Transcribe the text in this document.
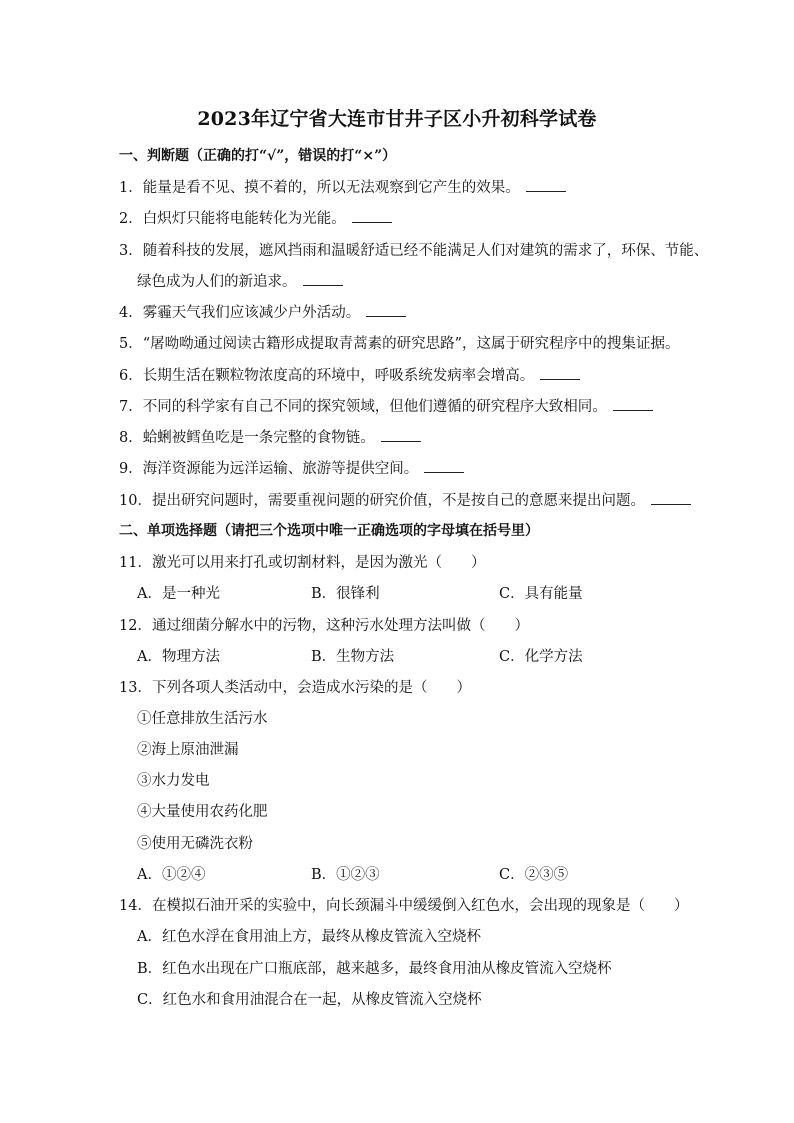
2023年辽宁省大连市甘井子区小升初科学试卷
一、判断题（正确的打“√”，错误的打“×”）
1．能量是看不见、摸不着的，所以无法观察到它产生的效果。
2．白炽灯只能将电能转化为光能。
3．随着科技的发展，遮风挡雨和温暖舒适已经不能满足人们对建筑的需求了，环保、节能、
绿色成为人们的新追求。
4．雾霾天气我们应该减少户外活动。
5．“屠呦呦通过阅读古籍形成提取青蒿素的研究思路”，这属于研究程序中的搜集证据。
6．长期生活在颗粒物浓度高的环境中，呼吸系统发病率会增高。
7．不同的科学家有自己不同的探究领域，但他们遵循的研究程序大致相同。
8．蛤蜊被鳕鱼吃是一条完整的食物链。
9．海洋资源能为远洋运输、旅游等提供空间。
10．提出研究问题时，需要重视问题的研究价值，不是按自己的意愿来提出问题。
二、单项选择题（请把三个选项中唯一正确选项的字母填在括号里）
11．激光可以用来打孔或切割材料，是因为激光（　　）
A．是一种光	B．很锋利	C．具有能量
12．通过细菌分解水中的污物，这种污水处理方法叫做（　　）
A．物理方法	B．生物方法	C．化学方法
13．下列各项人类活动中，会造成水污染的是（　　）
①任意排放生活污水
②海上原油泄漏
③水力发电
④大量使用农药化肥
⑤使用无磷洗衣粉
A．①②④	B．①②③	C．②③⑤
14．在模拟石油开采的实验中，向长颈漏斗中缓缓倒入红色水，会出现的现象是（　　）
A．红色水浮在食用油上方，最终从橡皮管流入空烧杯
B．红色水出现在广口瓶底部，越来越多，最终食用油从橡皮管流入空烧杯
C．红色水和食用油混合在一起，从橡皮管流入空烧杯
